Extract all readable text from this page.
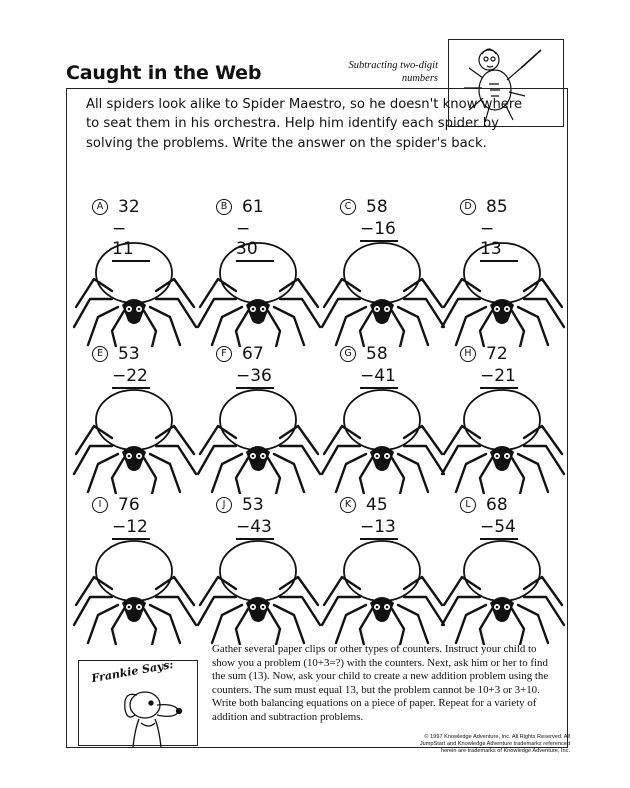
Caught in the Web	Subtracting two-digit
numbers
All spiders look alike to Spider Maestro, so he doesn't know where to seat them in his orchestra. Help him identify each spider by solving the problems. Write the answer on the spider's back.
A 32
− 11
B 61
− 30
C 58
−16
D 85
− 13
E 53
−22
F 67
−36
G 58
−41
H 72
−21
I 76
−12
J 53
−43
K 45
−13
L 68
−54
Gather several paper clips or other types of counters. Instruct your child to show you a problem (10+3=?) with the counters. Next, ask him or her to find the sum (13). Now, ask your child to create a new addition problem using the counters. The sum must equal 13, but the problem cannot be 10+3 or 3+10. Write both balancing equations on a piece of paper. Repeat for a variety of addition and subtraction problems.
Frankie Says:
© 1997 Knowledge Adventure, Inc. All Rights Reserved. All
JumpStart and Knowledge Adventure trademarks referenced
herein are trademarks of Knowledge Adventure, Inc.
